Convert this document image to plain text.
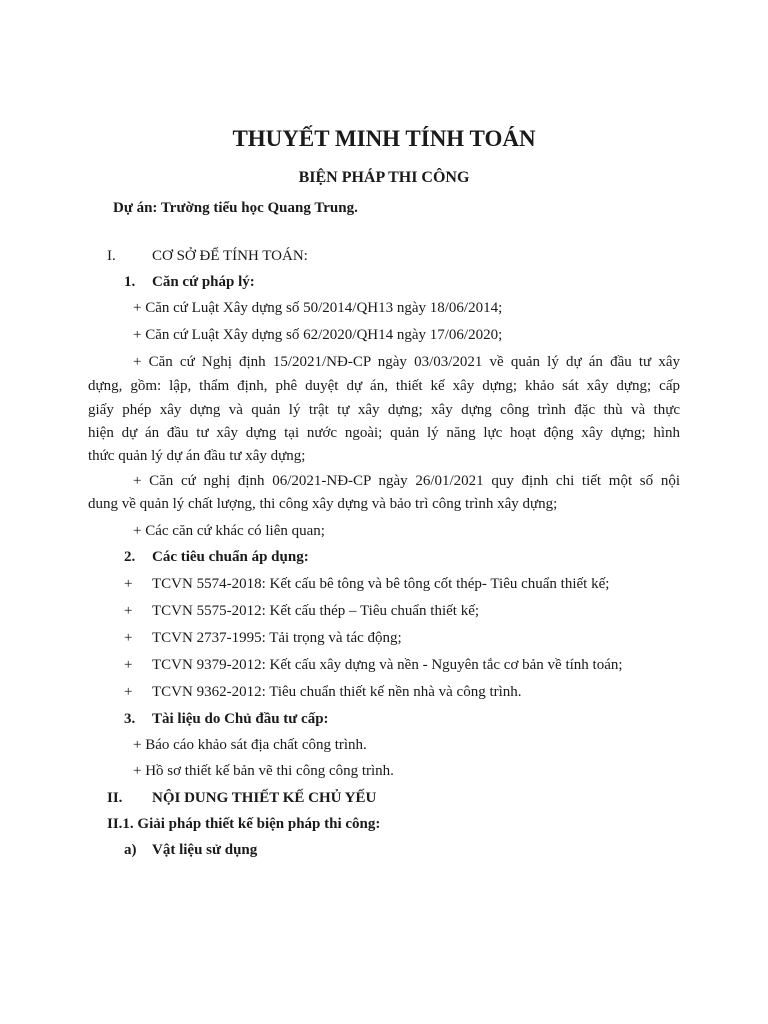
THUYẾT MINH TÍNH TOÁN
BIỆN PHÁP THI CÔNG
Dự án: Trường tiểu học Quang Trung.
I. CƠ SỞ ĐỂ TÍNH TOÁN:
1. Căn cứ pháp lý:
+ Căn cứ Luật Xây dựng số 50/2014/QH13 ngày 18/06/2014;
+ Căn cứ Luật Xây dựng số 62/2020/QH14 ngày 17/06/2020;
+ Căn cứ Nghị định 15/2021/NĐ-CP ngày 03/03/2021 về quản lý dự án đầu tư xây
dựng, gồm: lập, thẩm định, phê duyệt dự án, thiết kế xây dựng; khảo sát xây dựng; cấp
giấy phép xây dựng và quản lý trật tự xây dựng; xây dựng công trình đặc thù và thực
hiện dự án đầu tư xây dựng tại nước ngoài; quản lý năng lực hoạt động xây dựng; hình
thức quản lý dự án đầu tư xây dựng;
+ Căn cứ nghị định 06/2021-NĐ-CP ngày 26/01/2021 quy định chi tiết một số nội
dung về quản lý chất lượng, thi công xây dựng và bảo trì công trình xây dựng;
+ Các căn cứ khác có liên quan;
2. Các tiêu chuẩn áp dụng:
+ TCVN 5574-2018: Kết cấu bê tông và bê tông cốt thép- Tiêu chuẩn thiết kế;
+ TCVN 5575-2012: Kết cấu thép – Tiêu chuẩn thiết kế;
+ TCVN 2737-1995: Tải trọng và tác động;
+ TCVN 9379-2012: Kết cấu xây dựng và nền - Nguyên tắc cơ bản về tính toán;
+ TCVN 9362-2012: Tiêu chuẩn thiết kế nền nhà và công trình.
3. Tài liệu do Chủ đầu tư cấp:
+ Báo cáo khảo sát địa chất công trình.
+ Hồ sơ thiết kế bản vẽ thi công công trình.
II. NỘI DUNG THIẾT KẾ CHỦ YẾU
II.1. Giải pháp thiết kế biện pháp thi công:
a) Vật liệu sử dụng
